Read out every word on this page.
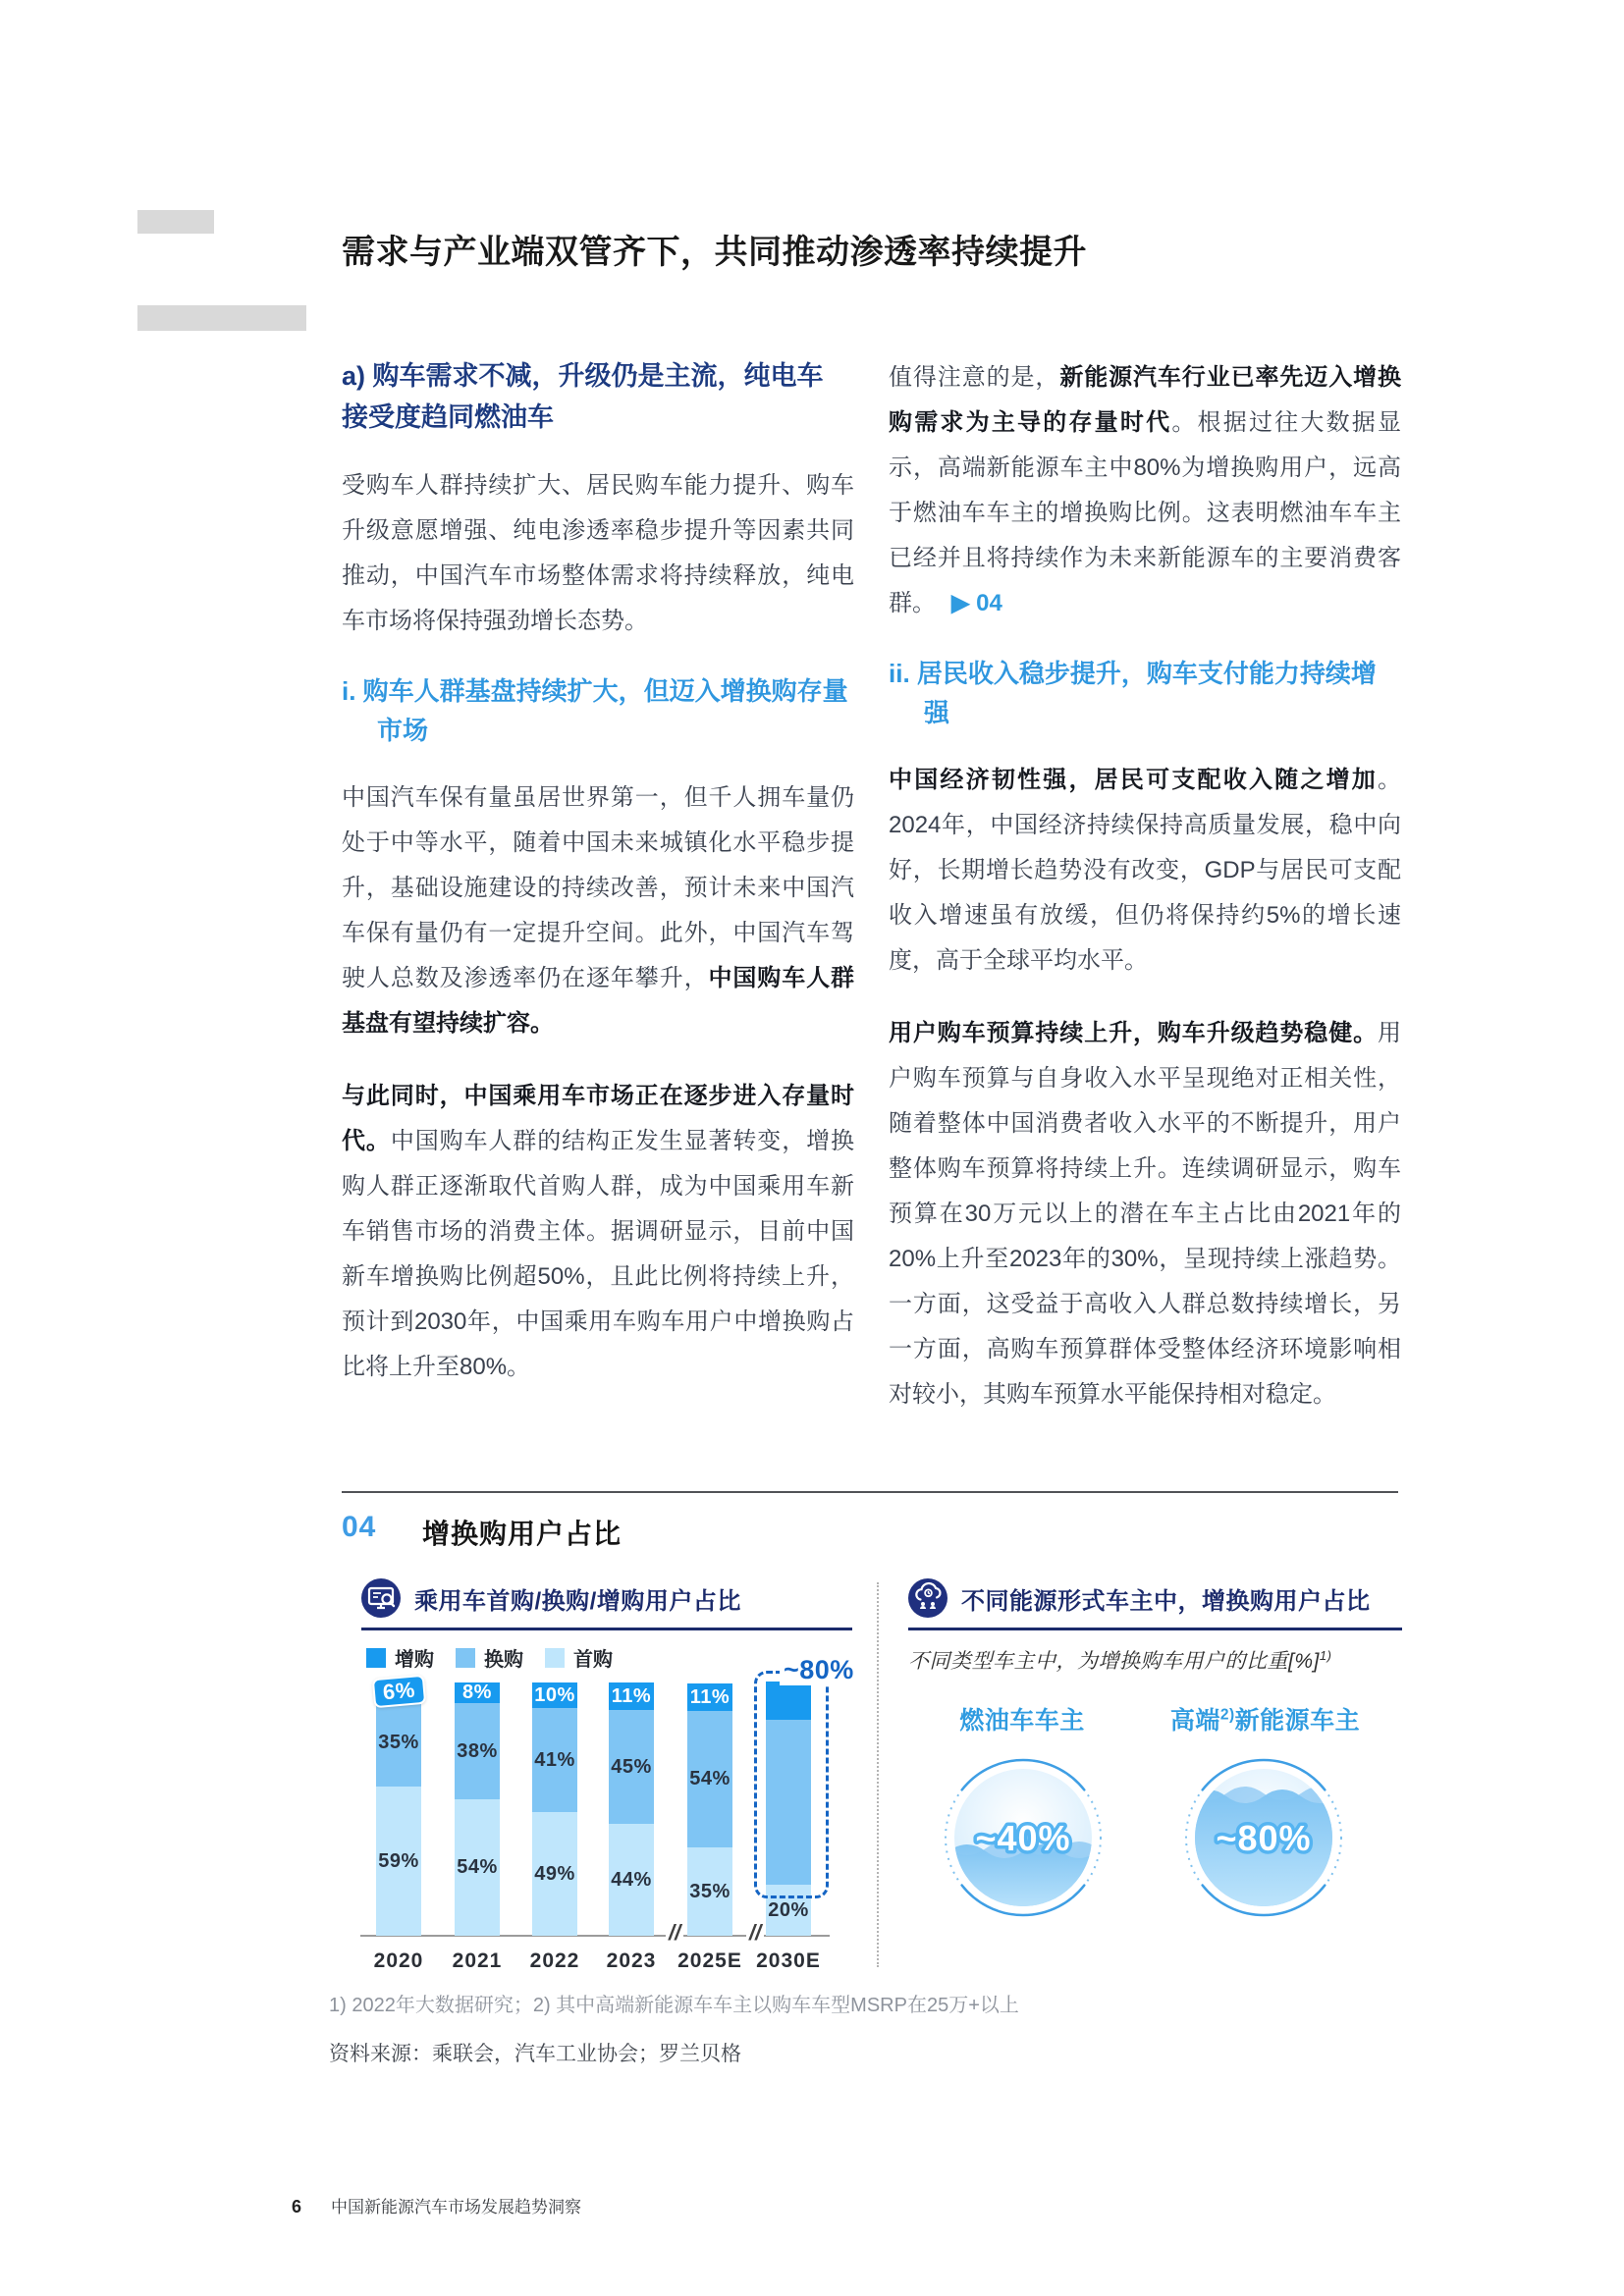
需求与产业端双管齐下，共同推动渗透率持续提升
a) 购车需求不减，升级仍是主流，纯电车接受度趋同燃油车

受购车人群持续扩大、居民购车能力提升、购车升级意愿增强、纯电渗透率稳步提升等因素共同推动，中国汽车市场整体需求将持续释放，纯电车市场将保持强劲增长态势。

i. 购车人群基盘持续扩大，但迈入增换购存量市场

中国汽车保有量虽居世界第一，但千人拥车量仍处于中等水平，随着中国未来城镇化水平稳步提升，基础设施建设的持续改善，预计未来中国汽车保有量仍有一定提升空间。此外，中国汽车驾驶人总数及渗透率仍在逐年攀升，中国购车人群基盘有望持续扩容。

与此同时，中国乘用车市场正在逐步进入存量时代。中国购车人群的结构正发生显著转变，增换购人群正逐渐取代首购人群，成为中国乘用车新车销售市场的消费主体。据调研显示，目前中国新车增换购比例超50%，且此比例将持续上升，预计到2030年，中国乘用车购车用户中增换购占比将上升至80%。

值得注意的是，新能源汽车行业已率先迈入增换购需求为主导的存量时代。根据过往大数据显示，高端新能源车主中80%为增换购用户，远高于燃油车车主的增换购比例。这表明燃油车车主已经并且将持续作为未来新能源车的主要消费客群。 ▶ 04

ii. 居民收入稳步提升，购车支付能力持续增强

中国经济韧性强，居民可支配收入随之增加。2024年，中国经济持续保持高质量发展，稳中向好，长期增长趋势没有改变，GDP与居民可支配收入增速虽有放缓，但仍将保持约5%的增长速度，高于全球平均水平。

用户购车预算持续上升，购车升级趋势稳健。用户购车预算与自身收入水平呈现绝对正相关性，随着整体中国消费者收入水平的不断提升，用户整体购车预算将持续上升。连续调研显示，购车预算在30万元以上的潜在车主占比由2021年的20%上升至2023年的30%，呈现持续上涨趋势。一方面，这受益于高收入人群总数持续增长，另一方面，高购车预算群体受整体经济环境影响相对较小，其购车预算水平能保持相对稳定。

04 增换购用户占比
乘用车首购/换购/增购用户占比
增购	换购	首购
59%
35%
6%
2020
54%
38%
8%
2021
49%
41%
10%
2022
44%
45%
11%
2023
35%
54%
11%
2025E
20%
2030E
//	//
~80%
不同能源形式车主中，增换购用户占比
不同类型车主中，为增换购车用户的比重[%]$^{1)}$
燃油车车主	高端$^{2)}$新能源车主
~40%	~80%
1) 2022年大数据研究；2) 其中高端新能源车车主以购车车型MSRP在25万+以上
资料来源：乘联会，汽车工业协会；罗兰贝格
6 中国新能源汽车市场发展趋势洞察
